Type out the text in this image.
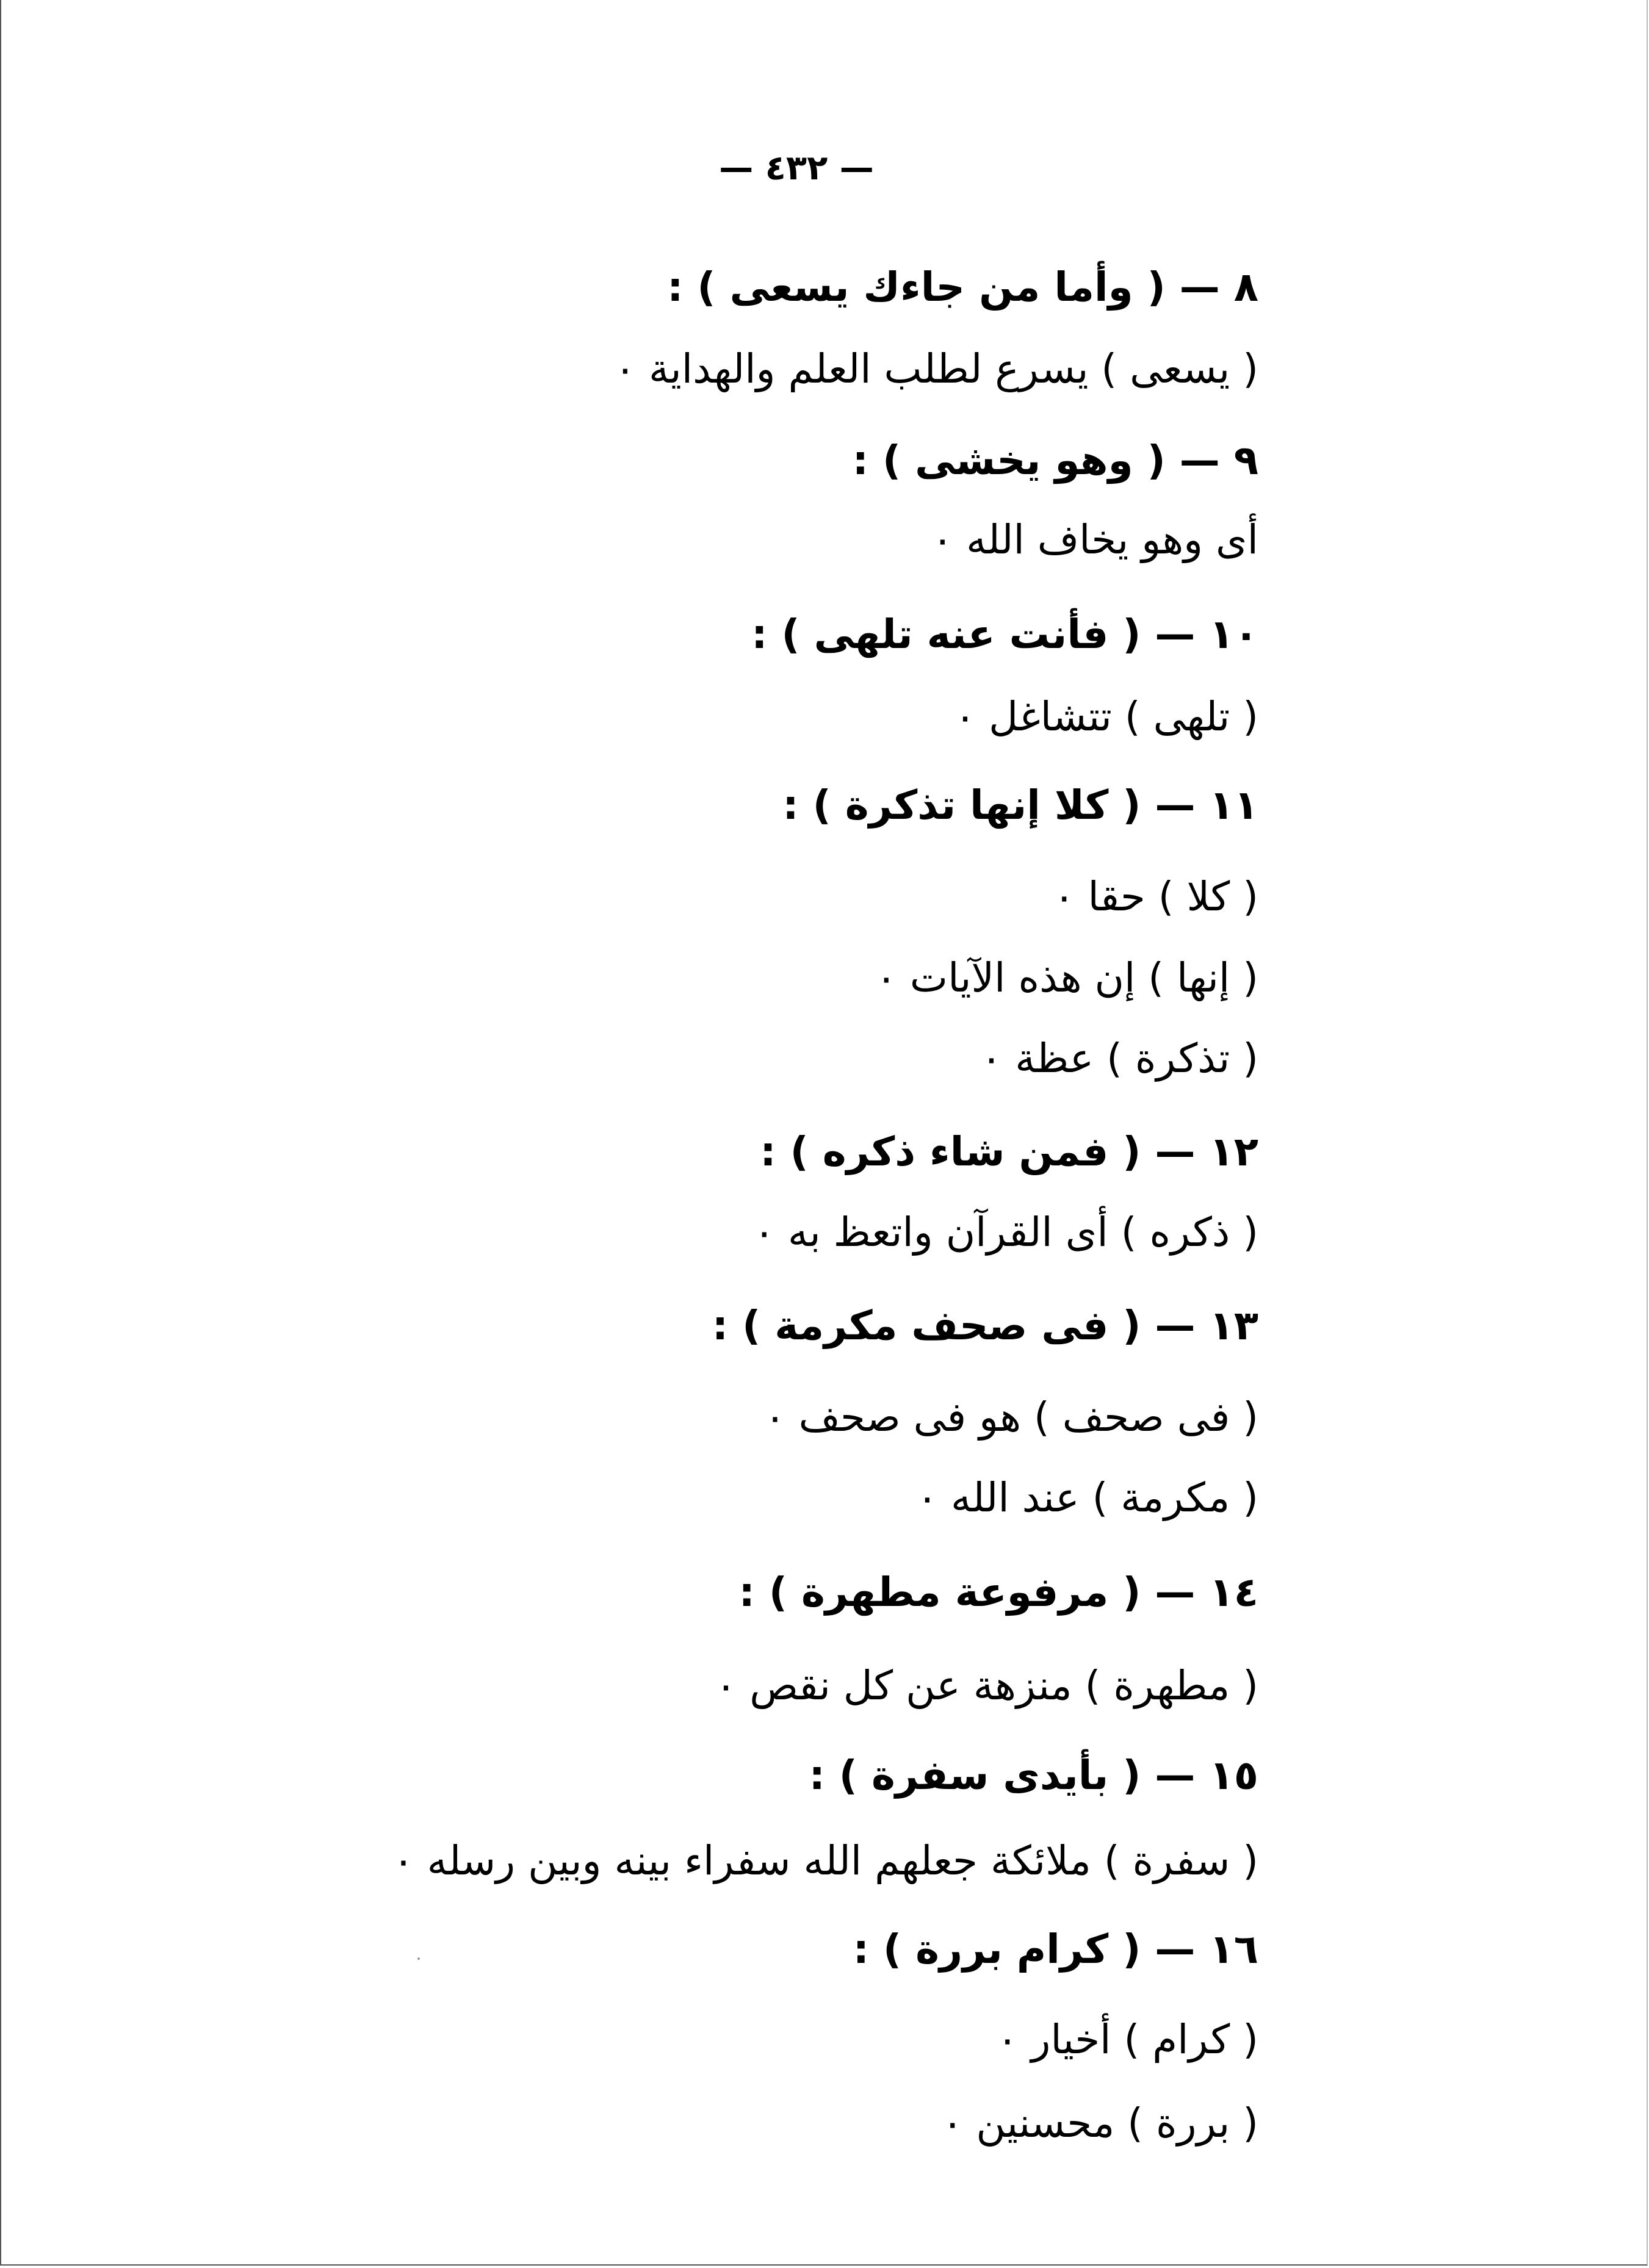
— ٤٣٢ —
٨ — ( وأما من جاءك يسعى ) :
( يسعى ) يسرع لطلب العلم والهداية ٠
٩ — ( وهو يخشى ) :
أى وهو يخاف الله ٠
١٠ — ( فأنت عنه تلهى ) :
( تلهى ) تتشاغل ٠
١١ — ( كلا إنها تذكرة ) :
( كلا ) حقا ٠
( إنها ) إن هذه الآيات ٠
( تذكرة ) عظة ٠
١٢ — ( فمن شاء ذكره ) :
( ذكره ) أى القرآن واتعظ به ٠
١٣ — ( فى صحف مكرمة ) :
( فى صحف ) هو فى صحف ٠
( مكرمة ) عند الله ٠
١٤ — ( مرفوعة مطهرة ) :
( مطهرة ) منزهة عن كل نقص ٠
١٥ — ( بأيدى سفرة ) :
( سفرة ) ملائكة جعلهم الله سفراء بينه وبين رسله ٠
١٦ — ( كرام بررة ) :
( كرام ) أخيار ٠
( بررة ) محسنين ٠
